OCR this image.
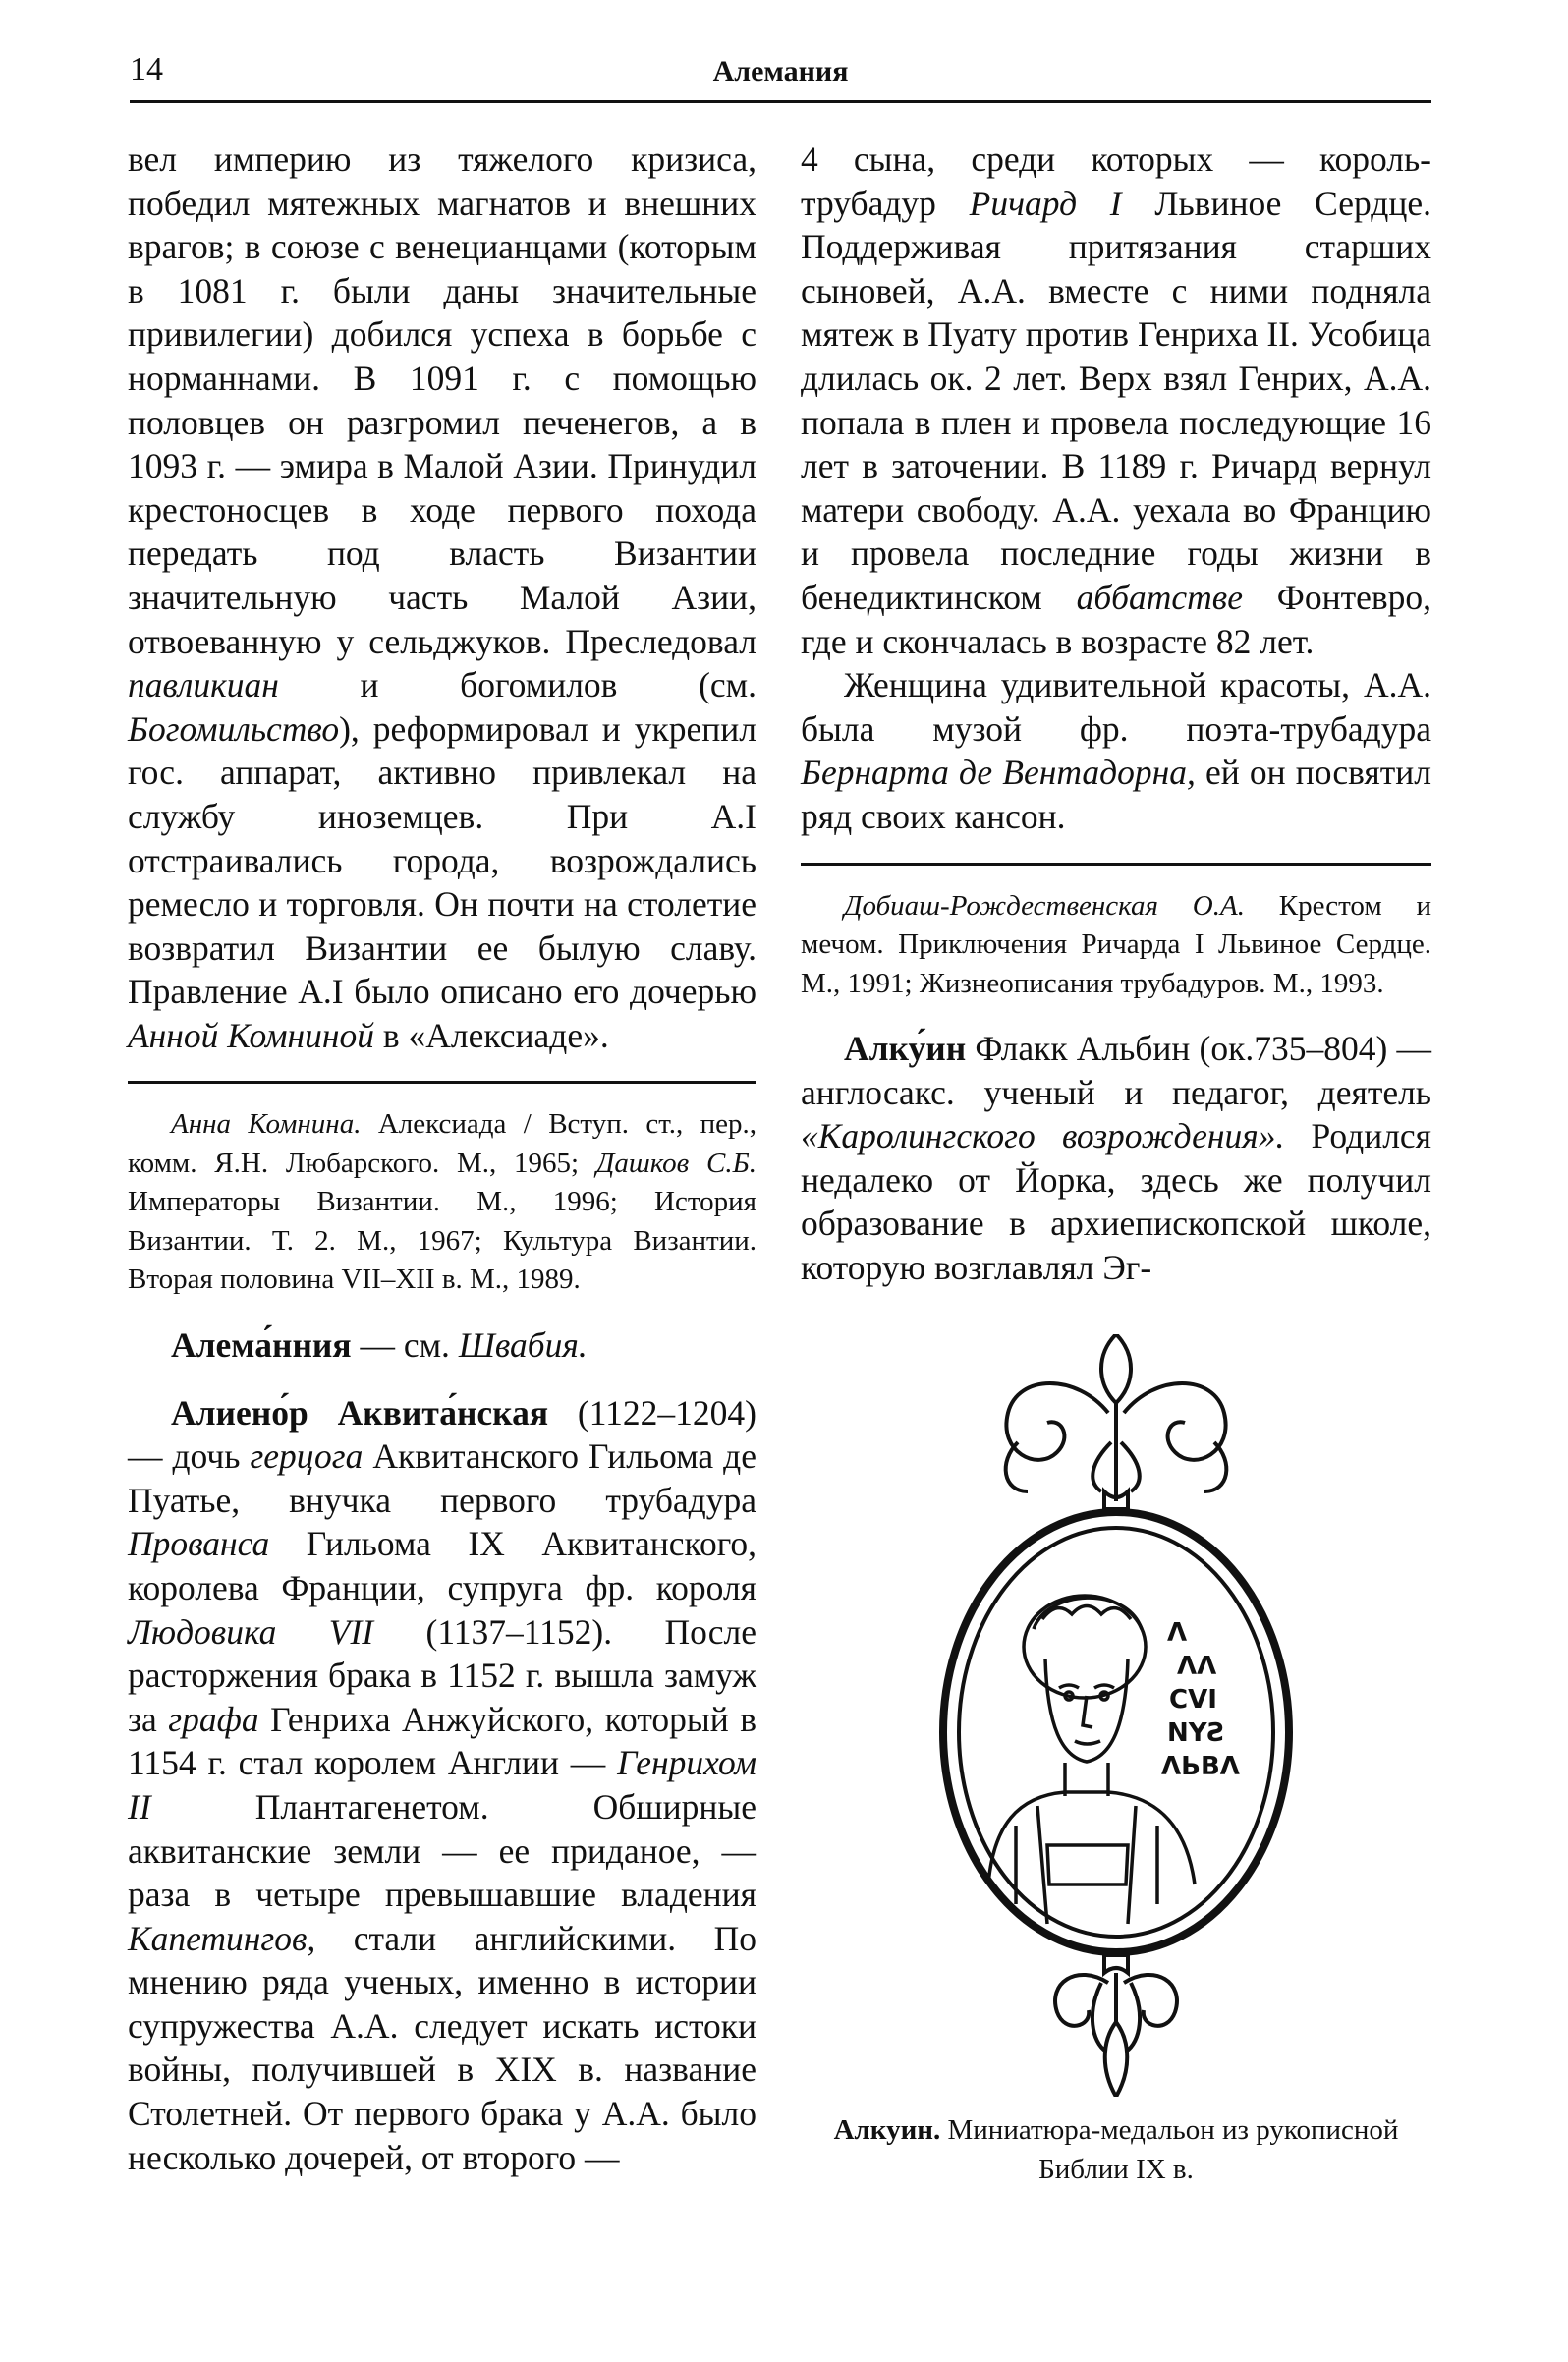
14	Алемания

вел империю из тяжелого кризиса, победил мятежных магнатов и внешних врагов; в союзе с венецианцами (которым в 1081 г. были даны значительные привилегии) добился успеха в борьбе с норманнами. В 1091 г. с помощью половцев он разгромил печенегов, а в 1093 г. — эмира в Малой Азии. Принудил крестоносцев в ходе первого похода передать под власть Византии значительную часть Малой Азии, отвоеванную у сельджуков. Преследовал павликиан и богомилов (см. Богомильство), реформировал и укрепил гос. аппарат, активно привлекал на службу иноземцев. При А.I отстраивались города, возрождались ремесло и торговля. Он почти на столетие возвратил Византии ее былую славу. Правление А.I было описано его дочерью Анной Комниной в «Алексиаде».

Анна Комнина. Алексиада / Вступ. ст., пер., комм. Я.Н. Любарского. М., 1965; Дашков С.Б. Императоры Византии. М., 1996; История Византии. Т. 2. М., 1967; Культура Византии. Вторая половина VII–XII в. М., 1989.

Алема́нния — см. Швабия.

Алиено́р Аквита́нская (1122–1204) — дочь герцога Аквитанского Гильома де Пуатье, внучка первого трубадура Прованса Гильома IX Аквитанского, королева Франции, супруга фр. короля Людовика VII (1137–1152). После расторжения брака в 1152 г. вышла замуж за графа Генриха Анжуйского, который в 1154 г. стал королем Англии — Генрихом II Плантагенетом. Обширные аквитанские земли — ее приданое, — раза в четыре превышавшие владения Капетингов, стали английскими. По мнению ряда ученых, именно в истории супружества А.А. следует искать истоки войны, получившей в XIX в. название Столетней. От первого брака у А.А. было несколько дочерей, от второго —

4 сына, среди которых — король-трубадур Ричард I Львиное Сердце. Поддерживая притязания старших сыновей, А.А. вместе с ними подняла мятеж в Пуату против Генриха II. Усобица длилась ок. 2 лет. Верх взял Генрих, А.А. попала в плен и провела последующие 16 лет в заточении. В 1189 г. Ричард вернул матери свободу. А.А. уехала во Францию и провела последние годы жизни в бенедиктинском аббатстве Фонтевро, где и скончалась в возрасте 82 лет.

Женщина удивительной красоты, А.А. была музой фр. поэта-трубадура Бернарта де Вентадорна, ей он посвятил ряд своих кансон.

Добиаш-Рождественская О.А. Крестом и мечом. Приключения Ричарда I Львиное Сердце. М., 1991; Жизнеописания трубадуров. М., 1993.

Алку́ин Флакк Альбин (ок.735–804) — англосакс. ученый и педагог, деятель «Каролингского возрождения». Родился недалеко от Йорка, здесь же получил образование в архиепископской школе, которую возглавлял Эг-

Λ
ΛΛ
ϹVI
NYƧ
ΛЬΒΛ
Алкуин. Миниатюра-медальон из рукописной Библии IX в.
